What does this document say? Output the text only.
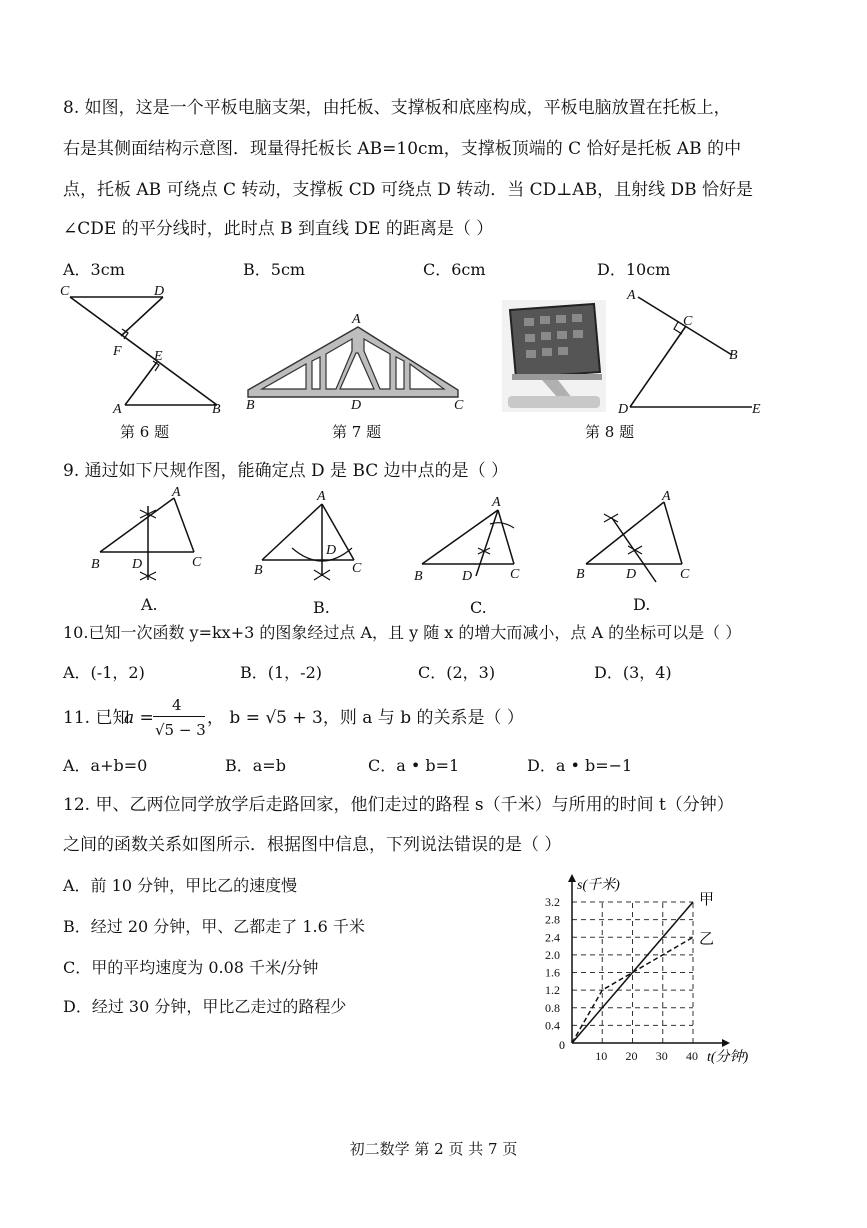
8. 如图，这是一个平板电脑支架，由托板、支撑板和底座构成，平板电脑放置在托板上，
右是其侧面结构示意图．现量得托板长 AB=10cm，支撑板顶端的 C 恰好是托板 AB 的中
点，托板 AB 可绕点 C 转动，支撑板 CD 可绕点 D 转动．当 CD⊥AB，且射线 DB 恰好是
∠CDE 的平分线时，此时点 B 到直线 DE 的距离是（ ）
A．3cm	B．5cm	C．6cm	D．10cm
C	D
F E
A	B
第 6 题
A
B	D	C
第 7 题	第 8 题
A
C
B
D	E
9. 通过如下尺规作图，能确定点 D 是 BC 边中点的是（ ）
A
B	C
D
A.
A
B	C
D
B.
A
B	C
D
C.
A
B	C
D
D.
10.已知一次函数 y=kx+3 的图象经过点 A，且 y 随 x 的增大而减小，点 A 的坐标可以是（ ）
A．(-1，2)	B．(1，-2)	C．(2，3)	D．(3，4)
11. 已知
a =
4
√5 − 3
， b = √5 + 3，则 a 与 b 的关系是（ ）
A．a+b=0	B．a=b	C．a • b=1	D．a • b=−1
12. 甲、乙两位同学放学后走路回家，他们走过的路程 s（千米）与所用的时间 t（分钟）
之间的函数关系如图所示．根据图中信息，下列说法错误的是（ ）
A．前 10 分钟，甲比乙的速度慢
B．经过 20 分钟，甲、乙都走了 1.6 千米
C．甲的平均速度为 0.08 千米/分钟
D．经过 30 分钟，甲比乙走过的路程少
甲
乙
0.4
0.8
1.2
1.6
2.0
2.4
2.8
3.2
10 20 30 40
s(千米)
t(分钟)
0
初二数学 第 2 页 共 7 页
